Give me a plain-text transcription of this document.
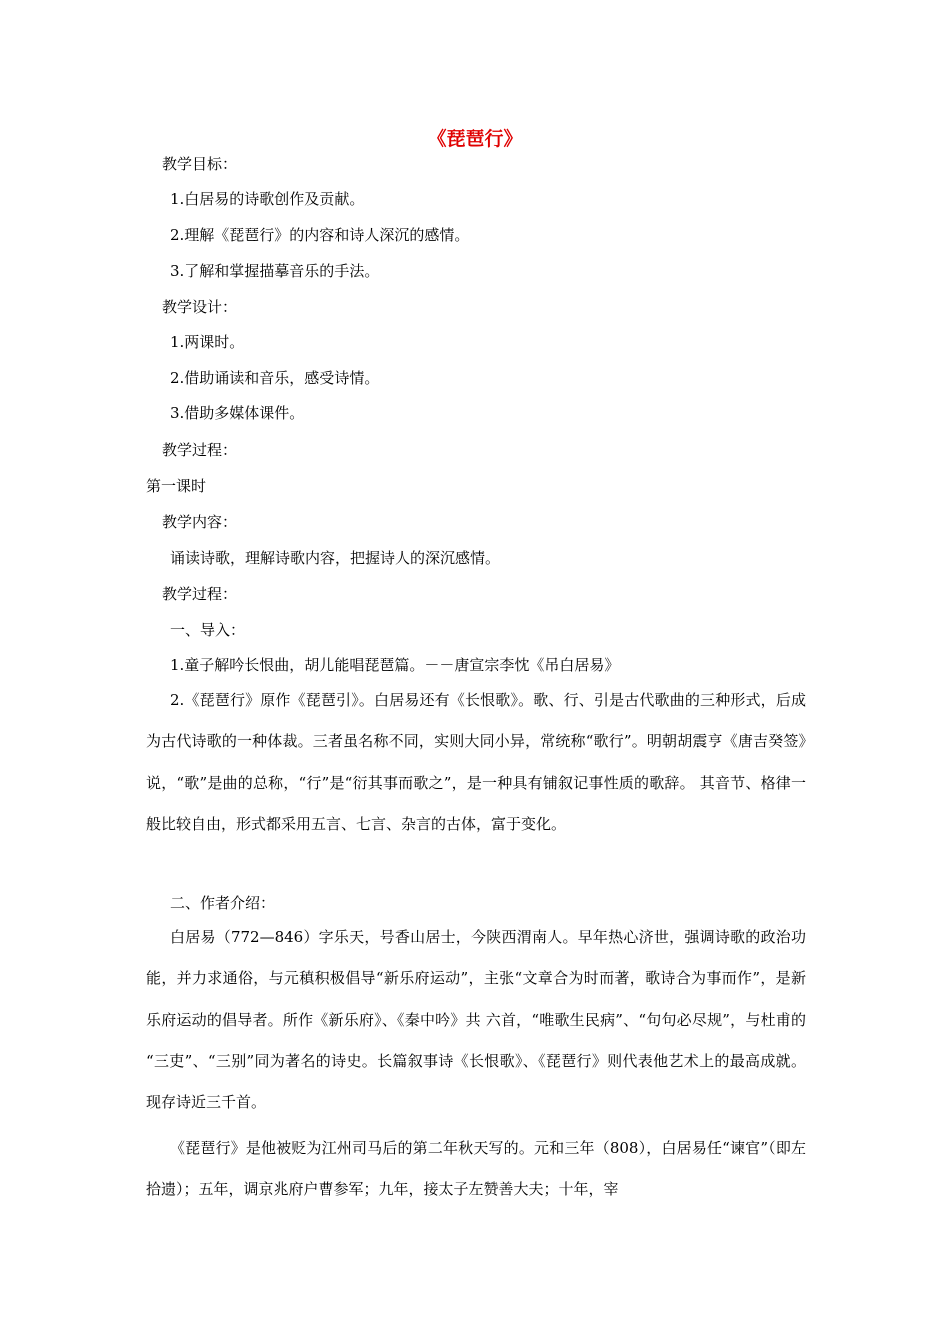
《琵琶行》
教学目标：
1.白居易的诗歌创作及贡献。
2.理解《琵琶行》的内容和诗人深沉的感情。
3.了解和掌握描摹音乐的手法。
教学设计：
1.两课时。
2.借助诵读和音乐，感受诗情。
3.借助多媒体课件。
教学过程：
第一课时
教学内容：
诵读诗歌，理解诗歌内容，把握诗人的深沉感情。
教学过程：
一、导入：
1.童子解吟长恨曲，胡儿能唱琵琶篇。－－唐宣宗李忱《吊白居易》
2.《琵琶行》原作《琵琶引》。白居易还有《长恨歌》。歌、行、引是古代歌曲的三种形式，后成为古代诗歌的一种体裁。三者虽名称不同，实则大同小异，常统称“歌行”。明朝胡震亨《唐吉癸签》说，“歌”是曲的总称，“行”是“衍其事而歌之”，是一种具有铺叙记事性质的歌辞。 其音节、格律一般比较自由，形式都采用五言、七言、杂言的古体，富于变化。
二、作者介绍：
白居易（772—846）字乐天，号香山居士，今陕西渭南人。早年热心济世，强调诗歌的政治功能，并力求通俗，与元稹积极倡导“新乐府运动”，主张“文章合为时而著，歌诗合为事而作”，是新乐府运动的倡导者。所作《新乐府》、《秦中吟》共 六首，“唯歌生民病”、“句句必尽规”，与杜甫的 “三吏”、“三别”同为著名的诗史。长篇叙事诗《长恨歌》、《琵琶行》则代表他艺术上的最高成就。现存诗近三千首。
《琵琶行》是他被贬为江州司马后的第二年秋天写的。元和三年（808），白居易任“谏官”（即左拾遗）；五年，调京兆府户曹参军；九年，接太子左赞善大夫；十年，宰
